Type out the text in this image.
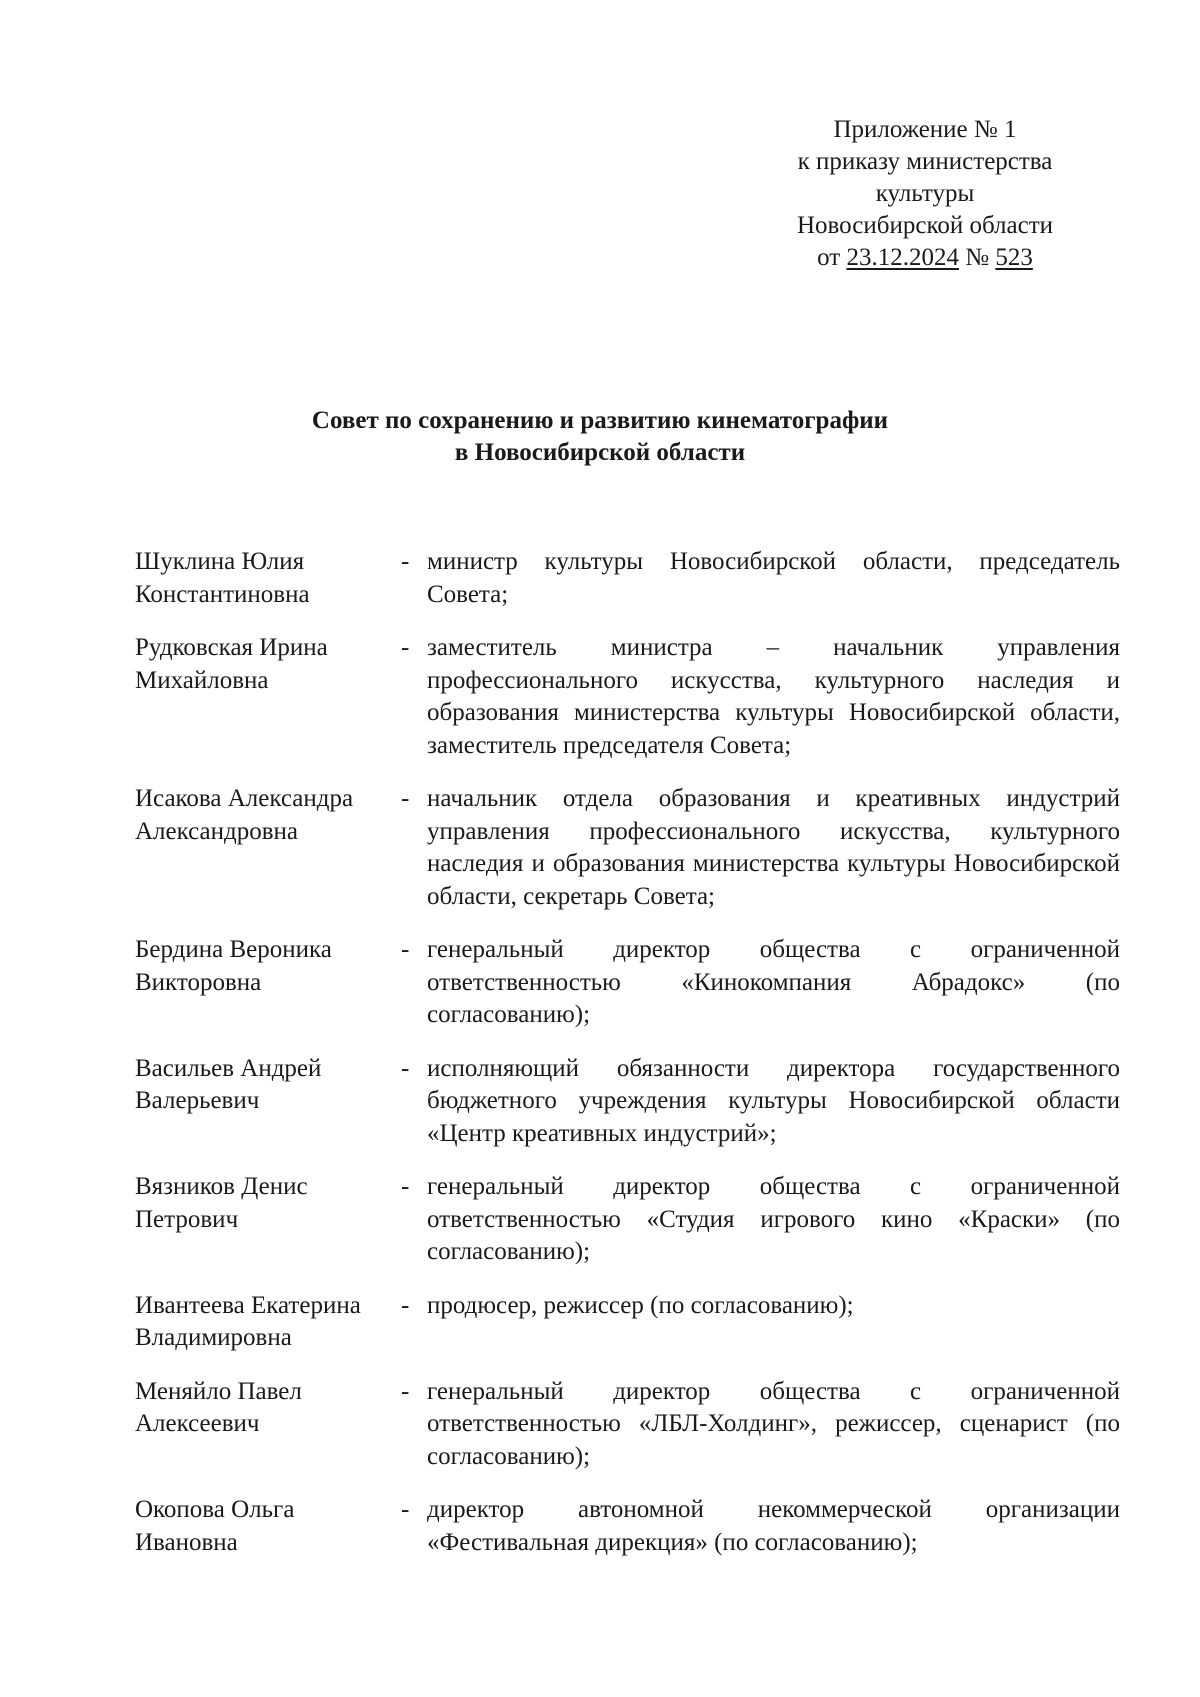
Приложение № 1
к приказу министерства
культуры
Новосибирской области
от 23.12.2024 № 523
Совет по сохранению и развитию кинематографии
в Новосибирской области
Шуклина Юлия Константиновна
- министр культуры Новосибирской области, председатель Совета;
Рудковская Ирина Михайловна
- заместитель министра – начальник управления профессионального искусства, культурного наследия и образования министерства культуры Новосибирской области, заместитель председателя Совета;
Исакова Александра Александровна
- начальник отдела образования и креативных индустрий управления профессионального искусства, культурного наследия и образования министерства культуры Новосибирской области, секретарь Совета;
Бердина Вероника Викторовна
- генеральный директор общества с ограниченной ответственностью «Кинокомпания Абрадокс» (по согласованию);
Васильев Андрей Валерьевич
- исполняющий обязанности директора государственного бюджетного учреждения культуры Новосибирской области «Центр креативных индустрий»;
Вязников Денис Петрович
- генеральный директор общества с ограниченной ответственностью «Студия игрового кино «Краски» (по согласованию);
Ивантеева Екатерина Владимировна
- продюсер, режиссер (по согласованию);
Меняйло Павел Алексеевич
- генеральный директор общества с ограниченной ответственностью «ЛБЛ-Холдинг», режиссер, сценарист (по согласованию);
Окопова Ольга Ивановна
- директор автономной некоммерческой организации «Фестивальная дирекция» (по согласованию);
